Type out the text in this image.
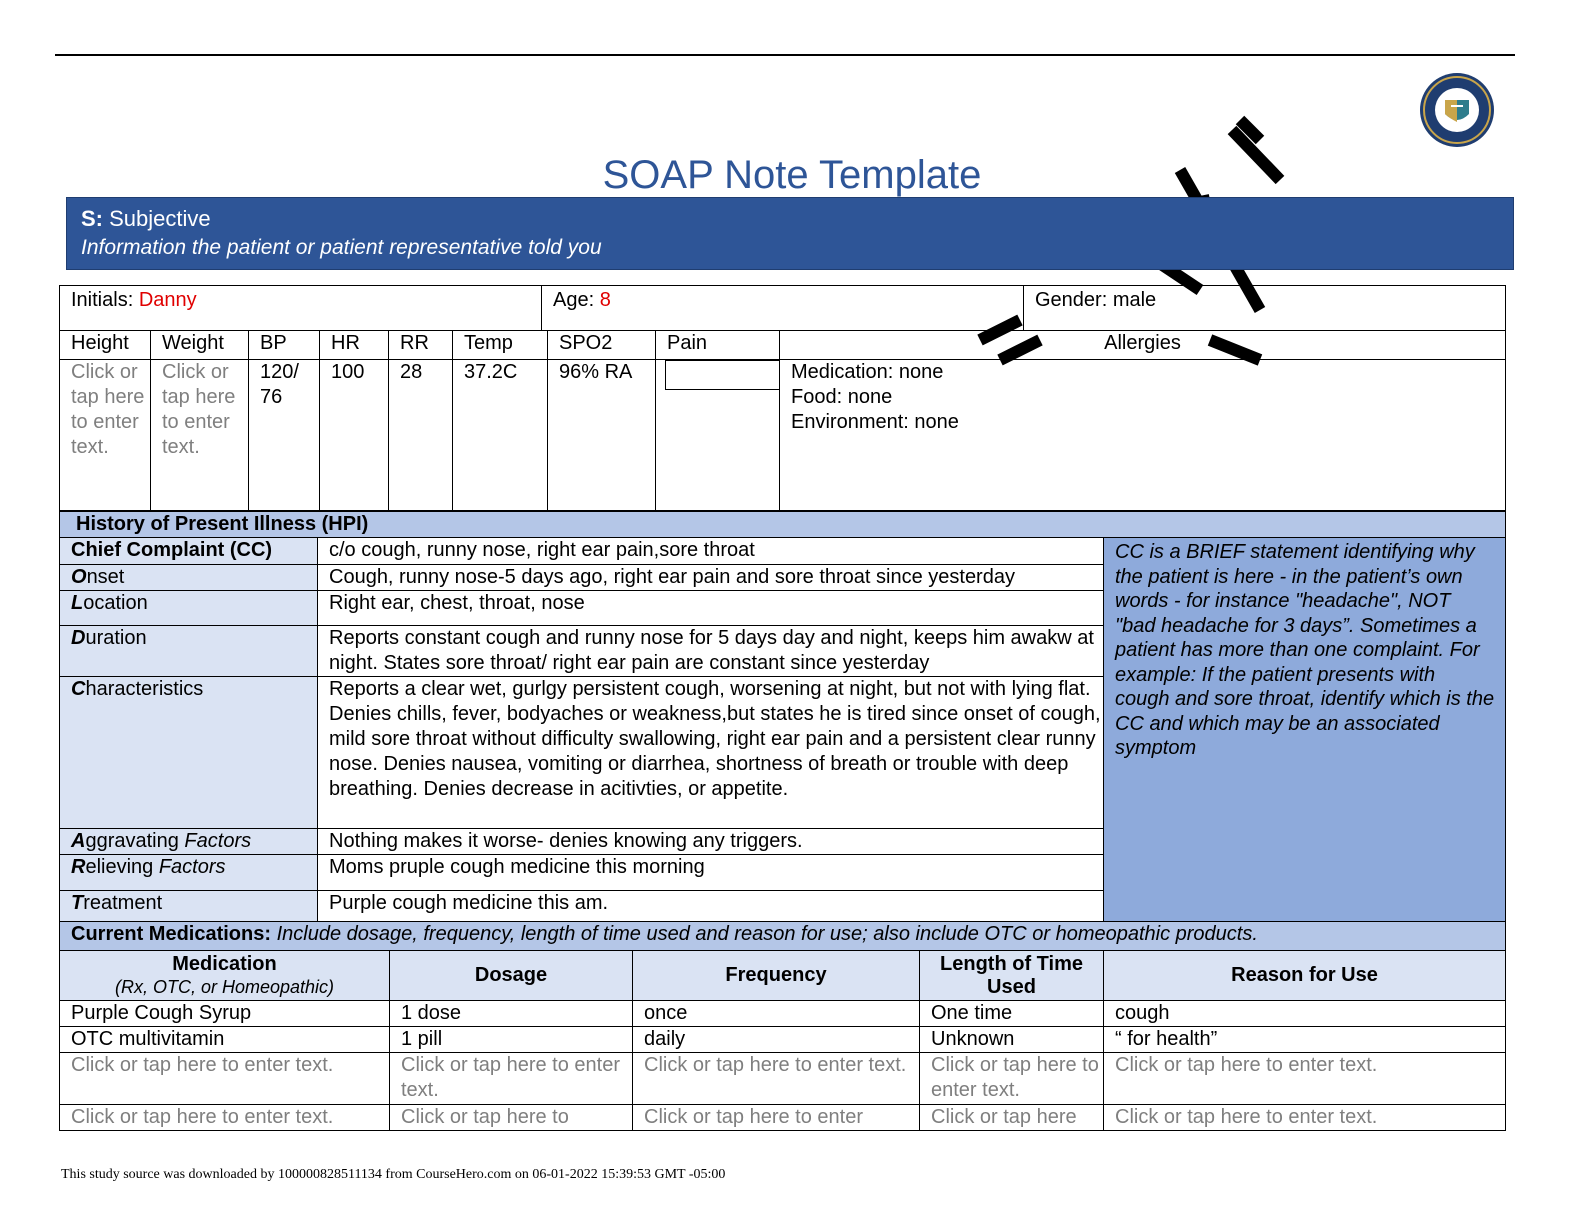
SOAP Note Template
S: Subjective
Information the patient or patient representative told you
Initials: Danny	Age: 8	Gender: male
Height	Weight	BP	HR	RR	Temp	SPO2	Pain	Allergies
Click or tap here to enter text.	Click or tap here to enter text.	120/ 76	100	28	37.2C	96% RA		Medication: none
Food: none
Environment: none
History of Present Illness (HPI)		
Chief Complaint (CC)	c/o cough, runny nose, right ear pain,sore throat	CC is a BRIEF statement identifying why the patient is here - in the patient’s own words - for instance "headache", NOT "bad headache for 3 days”. Sometimes a patient has more than one complaint. For example: If the patient presents with cough and sore throat, identify which is the CC and which may be an associated symptom
Onset	Cough, runny nose-5 days ago, right ear pain and sore throat since yesterday	
Location	Right ear, chest, throat, nose	
Duration	Reports constant cough and runny nose for 5 days day and night, keeps him awakw at night. States sore throat/ right ear pain are constant since yesterday	
Characteristics	Reports a clear wet, gurlgy persistent cough, worsening at night, but not with lying flat. Denies chills, fever, bodyaches or weakness,but states he is tired since onset of cough, mild sore throat without difficulty swallowing, right ear pain and a persistent clear runny nose. Denies nausea, vomiting or diarrhea, shortness of breath or trouble with deep breathing. Denies decrease in acitivties, or appetite.	
Aggravating Factors	Nothing makes it worse- denies knowing any triggers.	
Relieving Factors	Moms pruple cough medicine this morning	
Treatment	Purple cough medicine this am.	
Current Medications: Include dosage, frequency, length of time used and reason for use; also include OTC or homeopathic products.				

Medication
(Rx, OTC, or Homeopathic)	Dosage	Frequency	Length of Time Used	Reason for Use
Purple Cough Syrup	1 dose	once	One time	cough
OTC multivitamin	1 pill	daily	Unknown	“ for health”
Click or tap here to enter text.	Click or tap here to enter text.	Click or tap here to enter text.	Click or tap here to enter text.	Click or tap here to enter text.
Click or tap here to enter text.	Click or tap here to	Click or tap here to enter	Click or tap here	Click or tap here to enter text.
This study source was downloaded by 100000828511134 from CourseHero.com on 06-01-2022 15:39:53 GMT -05:00
